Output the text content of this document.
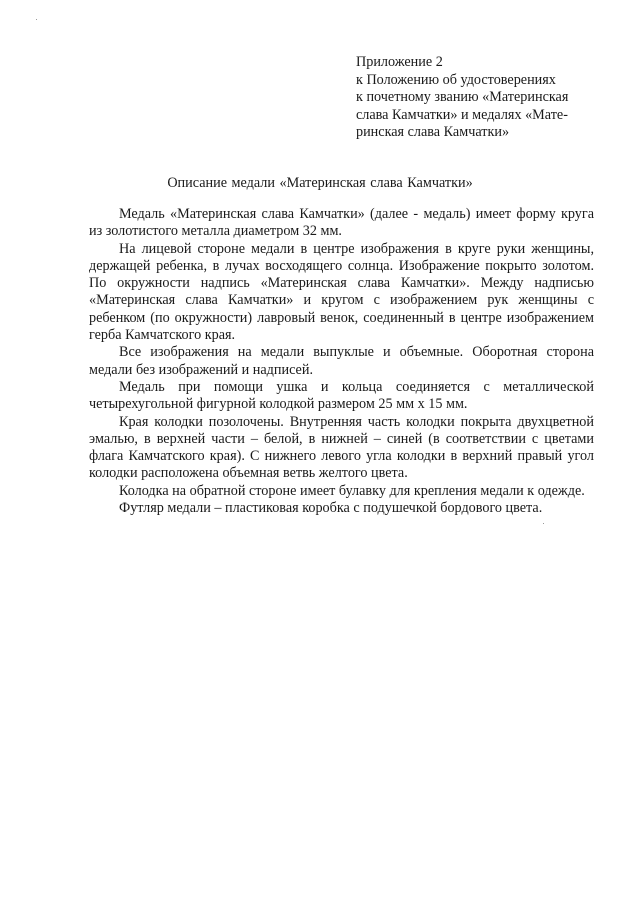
Приложение 2
к Положению об удостоверениях
к почетному званию «Материнская
слава Камчатки» и медалях «Мате-
ринская слава Камчатки»
Описание медали «Материнская слава Камчатки»

Медаль «Материнская слава Камчатки» (далее - медаль) имеет форму круга из золотистого металла диаметром 32 мм.

На лицевой стороне медали в центре изображения в круге руки женщины, держащей ребенка, в лучах восходящего солнца. Изображение покрыто золотом. По окружности надпись «Материнская слава Камчатки». Между надписью «Материнская слава Камчатки» и кругом с изображением рук женщины с ребенком (по окружности) лавровый венок, соединенный в центре изображением герба Камчатского края.

Все изображения на медали выпуклые и объемные. Оборотная сторона медали без изображений и надписей.

Медаль при помощи ушка и кольца соединяется с металлической четырехугольной фигурной колодкой размером 25 мм х 15 мм.

Края колодки позолочены. Внутренняя часть колодки покрыта двухцветной эмалью, в верхней части – белой, в нижней – синей (в соответствии с цветами флага Камчатского края). С нижнего левого угла колодки в верхний правый угол колодки расположена объемная ветвь желтого цвета.

Колодка на обратной стороне имеет булавку для крепления медали к одежде.

Футляр медали – пластиковая коробка с подушечкой бордового цвета.
